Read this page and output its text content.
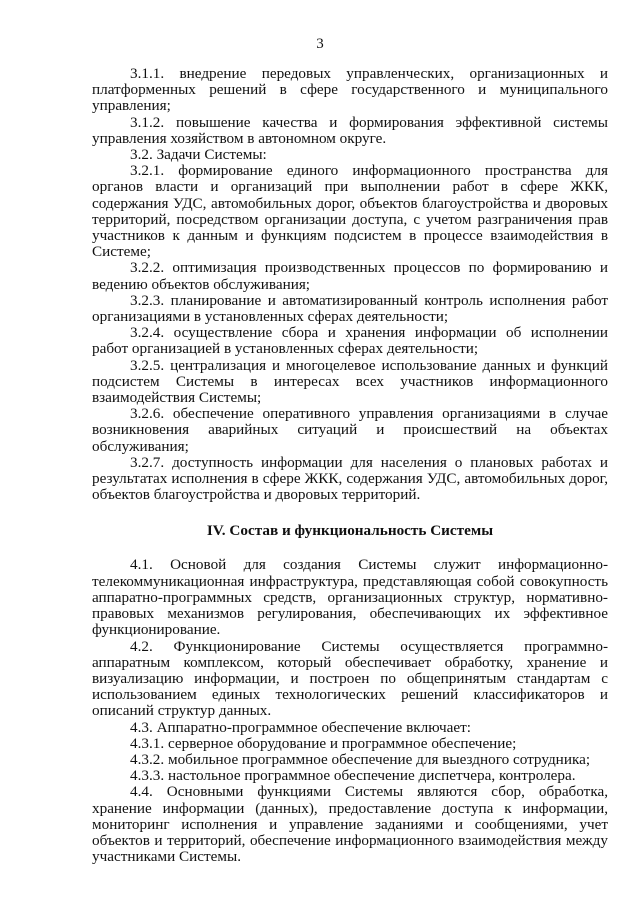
3

3.1.1. внедрение передовых управленческих, организационных и платформенных решений в сфере государственного и муниципального управления;

3.1.2. повышение качества и формирования эффективной системы управления хозяйством в автономном округе.

3.2. Задачи Системы:

3.2.1. формирование единого информационного пространства для органов власти и организаций при выполнении работ в сфере ЖКК, содержания УДС, автомобильных дорог, объектов благоустройства и дворовых территорий, посредством организации доступа, с учетом разграничения прав участников к данным и функциям подсистем в процессе взаимодействия в Системе;

3.2.2. оптимизация производственных процессов по формированию и ведению объектов обслуживания;

3.2.3. планирование и автоматизированный контроль исполнения работ организациями в установленных сферах деятельности;

3.2.4. осуществление сбора и хранения информации об исполнении работ организацией в установленных сферах деятельности;

3.2.5. централизация и многоцелевое использование данных и функций подсистем Системы в интересах всех участников информационного взаимодействия Системы;

3.2.6. обеспечение оперативного управления организациями в случае возникновения аварийных ситуаций и происшествий на объектах обслуживания;

3.2.7. доступность информации для населения о плановых работах и результатах исполнения в сфере ЖКК, содержания УДС, автомобильных дорог, объектов благоустройства и дворовых территорий.

IV. Состав и функциональность Системы

4.1. Основой для создания Системы служит информационно-телекоммуникационная инфраструктура, представляющая собой совокупность аппаратно-программных средств, организационных структур, нормативно-правовых механизмов регулирования, обеспечивающих их эффективное функционирование.

4.2. Функционирование Системы осуществляется программно-аппаратным комплексом, который обеспечивает обработку, хранение и визуализацию информации, и построен по общепринятым стандартам с использованием единых технологических решений классификаторов и описаний структур данных.

4.3. Аппаратно-программное обеспечение включает:

4.3.1. серверное оборудование и программное обеспечение;

4.3.2. мобильное программное обеспечение для выездного сотрудника;

4.3.3. настольное программное обеспечение диспетчера, контролера.

4.4. Основными функциями Системы являются сбор, обработка, хранение информации (данных), предоставление доступа к информации, мониторинг исполнения и управление заданиями и сообщениями, учет объектов и территорий, обеспечение информационного взаимодействия между участниками Системы.
